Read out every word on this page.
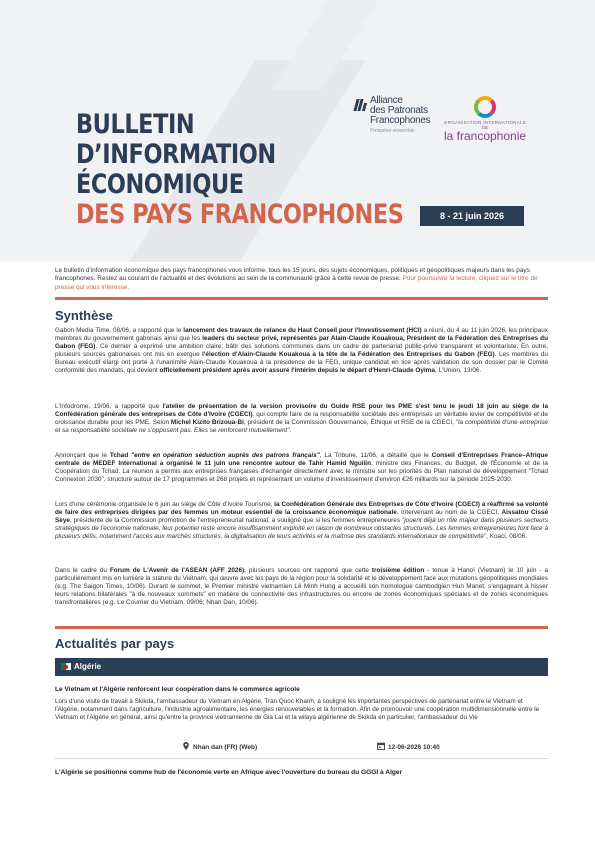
BULLETIN
D’INFORMATION
ÉCONOMIQUE
DES PAYS FRANCOPHONES
Alliance
des Patronats
Francophones
Prospérer ensemble
ORGANISATION INTERNATIONALE DE
la francophonie
8 - 21 juin 2026
Le bulletin d'information économique des pays francophones vous informe, tous les 15 jours, des sujets économiques, politiques et géopolitiques majeurs dans les pays francophones. Restez au courant de l'actualité et des évolutions au sein de la communauté grâce à cette revue de presse. Pour poursuivre la lecture, cliquez sur le titre de presse qui vous intéresse.
Synthèse
Gabon Media Time, 08/06, a rapporté que le lancement des travaux de relance du Haut Conseil pour l'Investissement (HCI) a réuni, du 4 au 11 juin 2026, les principaux membres du gouvernement gabonais ainsi que les leaders du secteur privé, représentés par Alain-Claude Kouakoua, Président de la Fédération des Entreprises du Gabon (FEG). Ce dernier a exprimé une ambition claire: bâtir des solutions communes dans un cadre de partenariat public-privé transparent et volontariste. En outre, plusieurs sources gabonaises ont mis en exergue l'élection d'Alain-Claude Kouakoua à la tête de la Fédération des Entreprises du Gabon (FEG). Les membres du Bureau exécutif élargi ont porté à l'unanimité Alain-Claude Kouakoua à la présidence de la FEG, unique candidat en lice après validation de son dossier par le Comité conformité des mandats, qui devient officiellement président après avoir assuré l'intérim depuis le départ d'Henri-Claude Oyima, L'Union, 13/06.
L'Infodrome, 19/06, a rapporté que l'atelier de présentation de la version provisoire du Guide RSE pour les PME s'est tenu le jeudi 18 juin au siège de la Confédération générale des entreprises de Côte d'Ivoire (CGECI), qui compte faire de la responsabilité sociétale des entreprises un véritable levier de compétitivité et de croissance durable pour les PME. Selon Michel Kizito Brizoua-Bi, président de la Commission Gouvernance, Éthique et RSE de la CGECI, "la compétitivité d'une entreprise et sa responsabilité sociétale ne s'opposent pas. Elles se renforcent mutuellement".
Annonçant que le Tchad "entre en opération séduction auprès des patrons français", La Tribune, 11/06, a détaillé que le Conseil d'Entreprises France–Afrique centrale de MEDEF International a organisé le 11 juin une rencontre autour de Tahir Hamid Nguilin, ministre des Finances, du Budget, de l'Économie et de la Coopération du Tchad. La réunion a permis aux entreprises françaises d'échanger directement avec le ministre sur les priorités du Plan national de développement "Tchad Connexion 2030", structuré autour de 17 programmes et 268 projets et représentant un volume d'investissement d'environ €26 milliards sur la période 2025-2030.
Lors d'une cérémonie organisée le 6 juin au siège de Côte d'Ivoire Tourisme, la Confédération Générale des Entreprises de Côte d'Ivoire (CGECI) a réaffirmé sa volonté de faire des entreprises dirigées par des femmes un moteur essentiel de la croissance économique nationale. Intervenant au nom de la CGECI, Aissatou Cissé Sèye, présidente de la Commission promotion de l'entrepreneuriat national, a souligné que si les femmes entrepreneures "jouent déjà un rôle majeur dans plusieurs secteurs stratégiques de l'économie nationale, leur potentiel reste encore insuffisamment exploité en raison de nombreux obstacles structurels. Les femmes entrepreneures font face à plusieurs défis, notamment l'accès aux marchés structurés, la digitalisation de leurs activités et la maîtrise des standards internationaux de compétitivité", Koaci, 08/06.
Dans le cadre du Forum de L'Avenir de l'ASEAN (AFF 2026), plusieurs sources ont rapporté que cette troisième édition - tenue à Hanoï (Vietnam) le 10 juin - a particulièrement mis en lumière la stature du Vietnam, qui œuvre avec les pays de la région pour la solidarité et le développement face aux mutations géopolitiques mondiales (e.g. The Saigon Times, 10/06). Durant le sommet, le Premier ministre vietnamien Lê Minh Hung a accueilli son homologue cambodgien Hun Manet, s'engageant à hisser leurs relations bilatérales "à de nouveaux sommets" en matière de connectivité des infrastructures ou encore de zones économiques spéciales et de zones économiques transfrontalières (e.g. Le Courrier du Vietnam, 09/06; Nhan Dan, 10/06).
Actualités par pays
Algérie
Le Vietnam et l'Algérie renforcent leur coopération dans le commerce agricole
Lors d'une visite de travail à Skikda, l'ambassadeur du Vietnam en Algérie, Tran Quoc Khanh, a souligné les importantes perspectives de partenariat entre le Vietnam et l'Algérie, notamment dans l'agriculture, l'industrie agroalimentaire, les énergies renouvelables et la formation. Afin de promouvoir une coopération multidimensionnelle entre le Vietnam et l'Algérie en général, ainsi qu'entre la province vietnamienne de Gia Lai et la wilaya algérienne de Skikda en particulier, l'ambassadeur du Vie
Nhan dan (FR) (Web)	12-06-2026 10:40
L'Algérie se positionne comme hub de l'économie verte en Afrique avec l'ouverture du bureau du GGGI à Alger
